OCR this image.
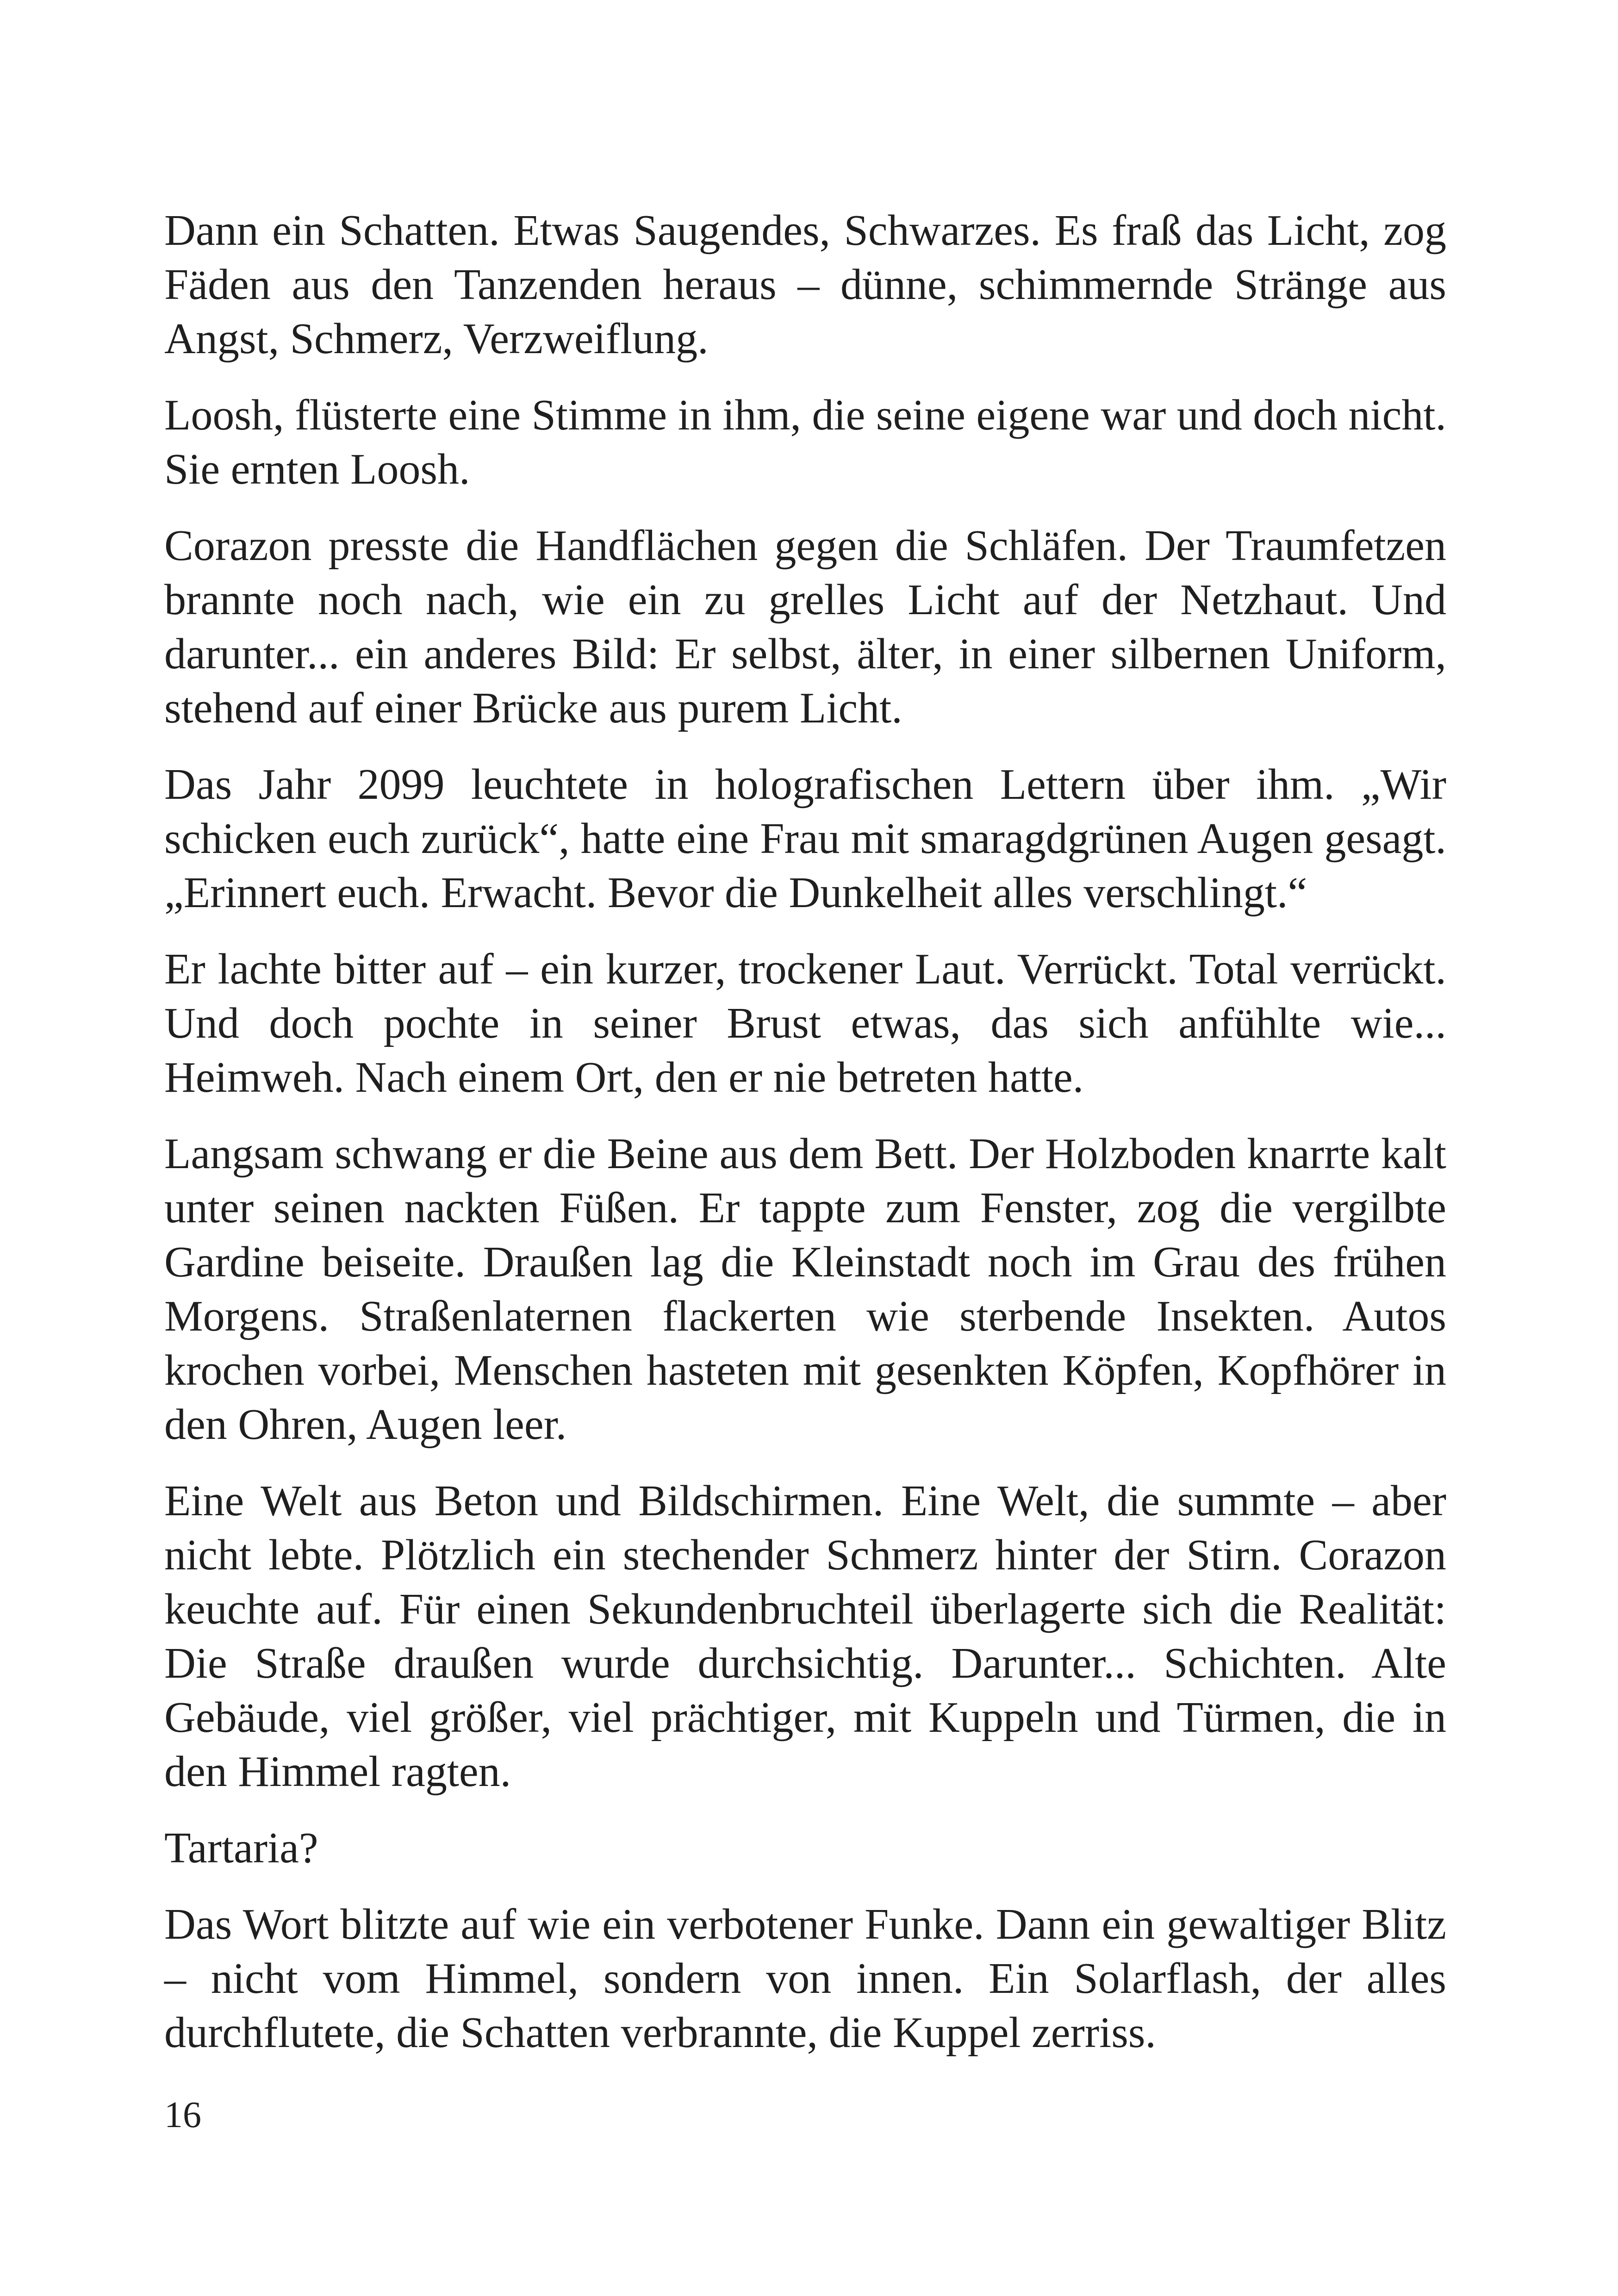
Dann ein Schatten. Etwas Saugendes, Schwarzes. Es fraß das Licht, zog Fäden aus den Tanzenden heraus – dünne, schimmernde Stränge aus Angst, Schmerz, Verzweiflung.

Loosh, flüsterte eine Stimme in ihm, die seine eigene war und doch nicht. Sie ernten Loosh.

Corazon presste die Handflächen gegen die Schläfen. Der Traumfetzen brannte noch nach, wie ein zu grelles Licht auf der Netzhaut. Und darunter... ein anderes Bild: Er selbst, älter, in einer silbernen Uniform, stehend auf einer Brücke aus purem Licht.

Das Jahr 2099 leuchtete in holografischen Lettern über ihm. „Wir schicken euch zurück“, hatte eine Frau mit smaragdgrünen Augen gesagt. „Erinnert euch. Erwacht. Bevor die Dunkelheit alles verschlingt.“

Er lachte bitter auf – ein kurzer, trockener Laut. Verrückt. Total verrückt. Und doch pochte in seiner Brust etwas, das sich anfühlte wie... Heimweh. Nach einem Ort, den er nie betreten hatte.

Langsam schwang er die Beine aus dem Bett. Der Holzboden knarrte kalt unter seinen nackten Füßen. Er tappte zum Fenster, zog die vergilbte Gardine beiseite. Draußen lag die Kleinstadt noch im Grau des frühen Morgens. Straßenlaternen flackerten wie sterbende Insekten. Autos krochen vorbei, Menschen hasteten mit gesenkten Köpfen, Kopfhörer in den Ohren, Augen leer.

Eine Welt aus Beton und Bildschirmen. Eine Welt, die summte – aber nicht lebte. Plötzlich ein stechender Schmerz hinter der Stirn. Corazon keuchte auf. Für einen Sekundenbruchteil überlagerte sich die Realität: Die Straße draußen wurde durchsichtig. Darunter... Schichten. Alte Gebäude, viel größer, viel prächtiger, mit Kuppeln und Türmen, die in den Himmel ragten.

Tartaria?

Das Wort blitzte auf wie ein verbotener Funke. Dann ein gewaltiger Blitz – nicht vom Himmel, sondern von innen. Ein Solarflash, der alles durchflutete, die Schatten verbrannte, die Kuppel zerriss.

16
